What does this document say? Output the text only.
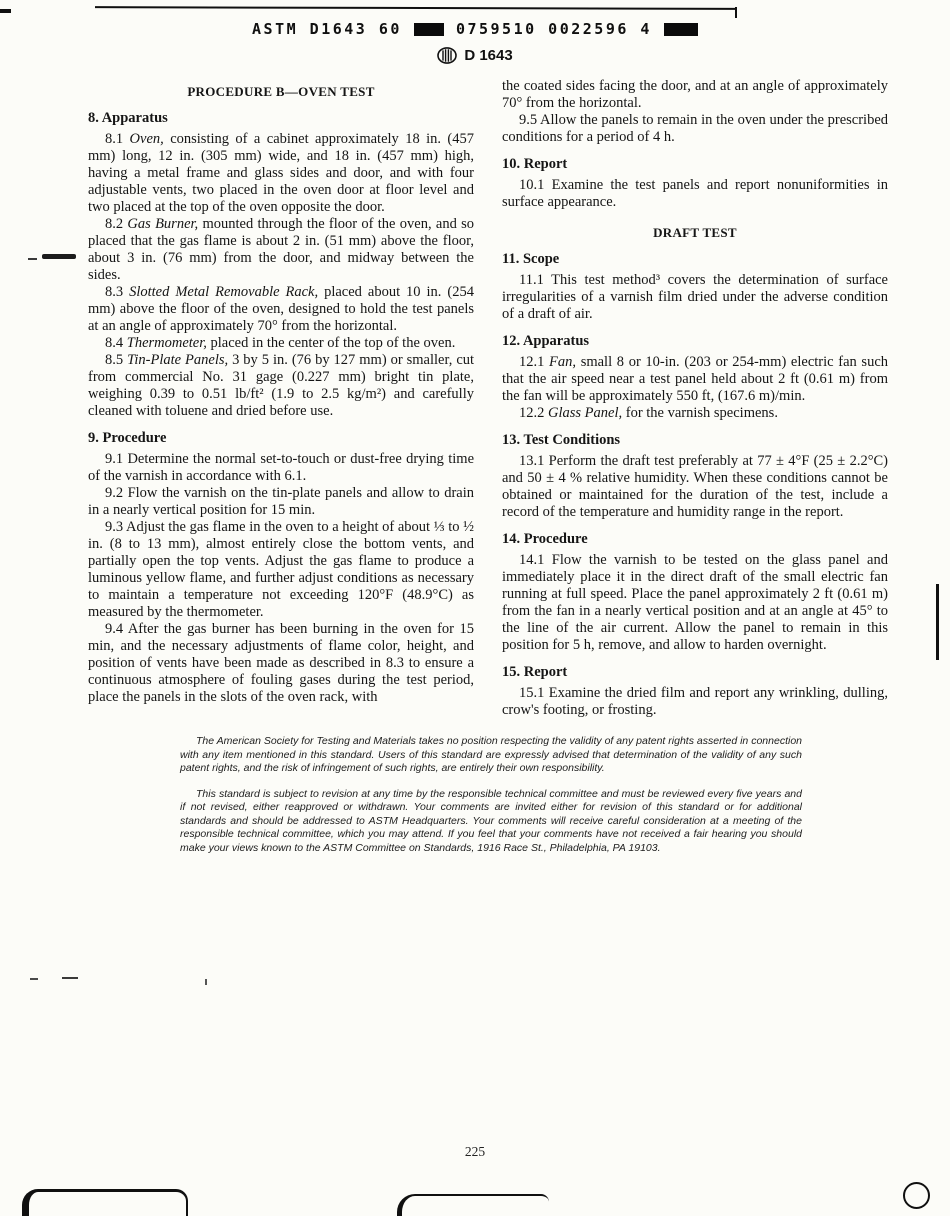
ASTM D1643 60	0759510 0022596 4
D 1643
PROCEDURE B—OVEN TEST
8. Apparatus

8.1 Oven, consisting of a cabinet approximately 18 in. (457 mm) long, 12 in. (305 mm) wide, and 18 in. (457 mm) high, having a metal frame and glass sides and door, and with four adjustable vents, two placed in the oven door at floor level and two placed at the top of the oven opposite the door.

8.2 Gas Burner, mounted through the floor of the oven, and so placed that the gas flame is about 2 in. (51 mm) above the floor, about 3 in. (76 mm) from the door, and midway between the sides.

8.3 Slotted Metal Removable Rack, placed about 10 in. (254 mm) above the floor of the oven, designed to hold the test panels at an angle of approximately 70° from the horizontal.

8.4 Thermometer, placed in the center of the top of the oven.

8.5 Tin-Plate Panels, 3 by 5 in. (76 by 127 mm) or smaller, cut from commercial No. 31 gage (0.227 mm) bright tin plate, weighing 0.39 to 0.51 lb/ft² (1.9 to 2.5 kg/m²) and carefully cleaned with toluene and dried before use.

9. Procedure

9.1 Determine the normal set-to-touch or dust-free drying time of the varnish in accordance with 6.1.

9.2 Flow the varnish on the tin-plate panels and allow to drain in a nearly vertical position for 15 min.

9.3 Adjust the gas flame in the oven to a height of about ⅓ to ½ in. (8 to 13 mm), almost entirely close the bottom vents, and partially open the top vents. Adjust the gas flame to produce a luminous yellow flame, and further adjust conditions as necessary to maintain a temperature not exceeding 120°F (48.9°C) as measured by the thermometer.

9.4 After the gas burner has been burning in the oven for 15 min, and the necessary adjustments of flame color, height, and position of vents have been made as described in 8.3 to ensure a continuous atmosphere of fouling gases during the test period, place the panels in the slots of the oven rack, with

the coated sides facing the door, and at an angle of approximately 70° from the horizontal.

9.5 Allow the panels to remain in the oven under the prescribed conditions for a period of 4 h.

10. Report

10.1 Examine the test panels and report nonuniformities in surface appearance.

DRAFT TEST
11. Scope

11.1 This test method³ covers the determination of surface irregularities of a varnish film dried under the adverse condition of a draft of air.

12. Apparatus

12.1 Fan, small 8 or 10-in. (203 or 254-mm) electric fan such that the air speed near a test panel held about 2 ft (0.61 m) from the fan will be approximately 550 ft, (167.6 m)/min.

12.2 Glass Panel, for the varnish specimens.

13. Test Conditions

13.1 Perform the draft test preferably at 77 ± 4°F (25 ± 2.2°C) and 50 ± 4 % relative humidity. When these conditions cannot be obtained or maintained for the duration of the test, include a record of the temperature and humidity range in the report.

14. Procedure

14.1 Flow the varnish to be tested on the glass panel and immediately place it in the direct draft of the small electric fan running at full speed. Place the panel approximately 2 ft (0.61 m) from the fan in a nearly vertical position and at an angle at 45° to the line of the air current. Allow the panel to remain in this position for 5 h, remove, and allow to harden overnight.

15. Report

15.1 Examine the dried film and report any wrinkling, dulling, crow's footing, or frosting.

The American Society for Testing and Materials takes no position respecting the validity of any patent rights asserted in connection with any item mentioned in this standard. Users of this standard are expressly advised that determination of the validity of any such patent rights, and the risk of infringement of such rights, are entirely their own responsibility.

This standard is subject to revision at any time by the responsible technical committee and must be reviewed every five years and if not revised, either reapproved or withdrawn. Your comments are invited either for revision of this standard or for additional standards and should be addressed to ASTM Headquarters. Your comments will receive careful consideration at a meeting of the responsible technical committee, which you may attend. If you feel that your comments have not received a fair hearing you should make your views known to the ASTM Committee on Standards, 1916 Race St., Philadelphia, PA 19103.

225
